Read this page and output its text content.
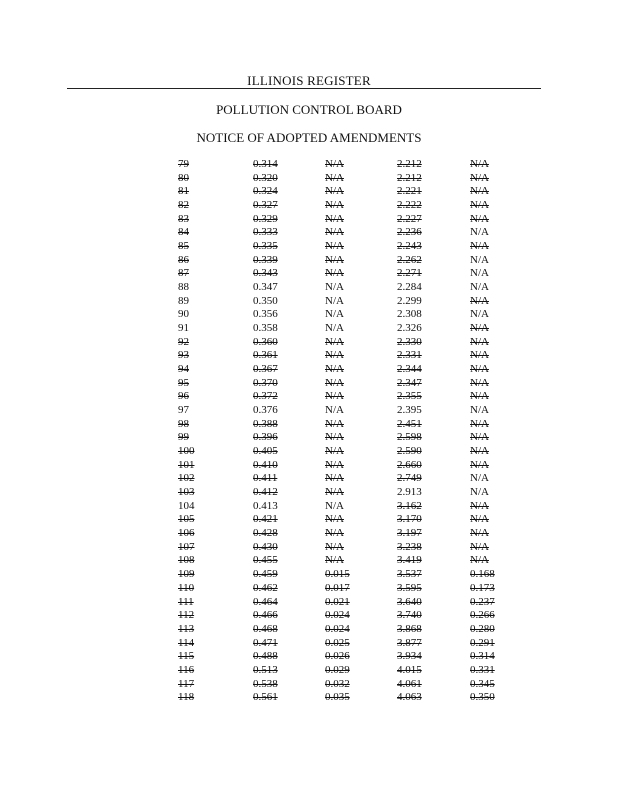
ILLINOIS REGISTER
POLLUTION CONTROL BOARD
NOTICE OF ADOPTED AMENDMENTS
79	0.314	N/A	2.212	N/A
80	0.320	N/A	2.212	N/A
81	0.324	N/A	2.221	N/A
82	0.327	N/A	2.222	N/A
83	0.329	N/A	2.227	N/A
84	0.333	N/A	2.236	N/A
85	0.335	N/A	2.243	N/A
86	0.339	N/A	2.262	N/A
87	0.343	N/A	2.271	N/A
88	0.347	N/A	2.284	N/A
89	0.350	N/A	2.299	N/A
90	0.356	N/A	2.308	N/A
91	0.358	N/A	2.326	N/A
92	0.360	N/A	2.330	N/A
93	0.361	N/A	2.331	N/A
94	0.367	N/A	2.344	N/A
95	0.370	N/A	2.347	N/A
96	0.372	N/A	2.355	N/A
97	0.376	N/A	2.395	N/A
98	0.388	N/A	2.451	N/A
99	0.396	N/A	2.598	N/A
100	0.405	N/A	2.590	N/A
101	0.410	N/A	2.660	N/A
102	0.411	N/A	2.749	N/A
103	0.412	N/A	2.913	N/A
104	0.413	N/A	3.162	N/A
105	0.421	N/A	3.170	N/A
106	0.428	N/A	3.197	N/A
107	0.430	N/A	3.238	N/A
108	0.455	N/A	3.419	N/A
109	0.459	0.015	3.537	0.168
110	0.462	0.017	3.595	0.173
111	0.464	0.021	3.640	0.237
112	0.466	0.024	3.740	0.266
113	0.468	0.024	3.868	0.280
114	0.471	0.025	3.877	0.291
115	0.488	0.026	3.934	0.314
116	0.513	0.029	4.015	0.331
117	0.538	0.032	4.061	0.345
118	0.561	0.035	4.063	0.350
